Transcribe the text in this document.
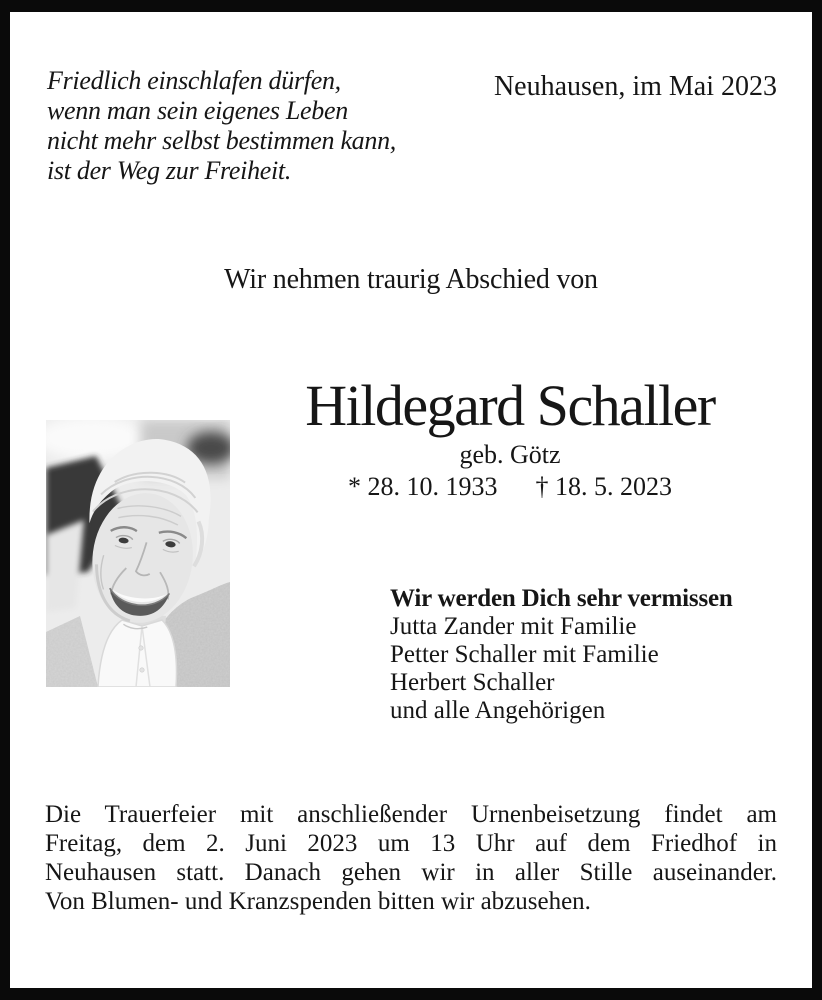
Friedlich einschlafen dürfen,
wenn man sein eigenes Leben
nicht mehr selbst bestimmen kann,
ist der Weg zur Freiheit.
Neuhausen, im Mai 2023
Wir nehmen traurig Abschied von
Hildegard Schaller
geb. Götz
* 28. 10. 1933 † 18. 5. 2023
Wir werden Dich sehr vermissen
Jutta Zander mit Familie
Petter Schaller mit Familie
Herbert Schaller
und alle Angehörigen
Die Trauerfeier mit anschließender Urnenbeisetzung findet am
Freitag, dem 2. Juni 2023 um 13 Uhr auf dem Friedhof in
Neuhausen statt. Danach gehen wir in aller Stille auseinander.
Von Blumen- und Kranzspenden bitten wir abzusehen.
